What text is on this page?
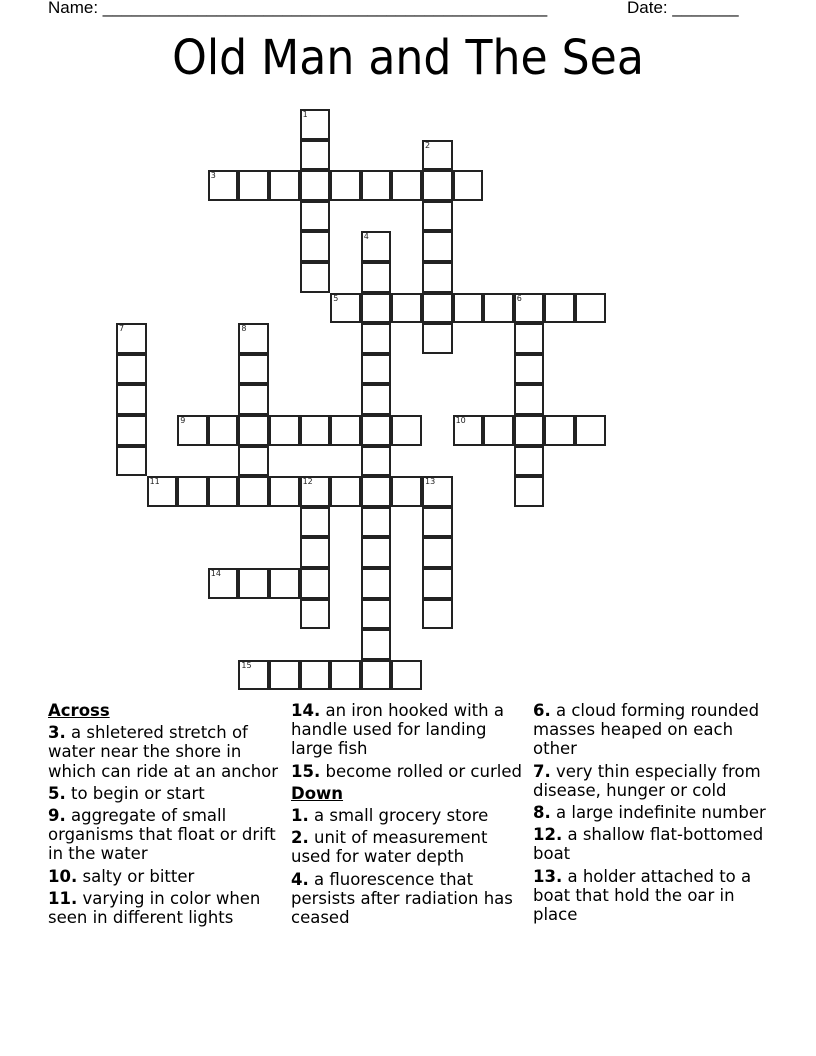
Name: _______________________________________________	Date: _______
Old Man and The Sea
1
2
3
4
5	6
7	8
9	10
11	12	13
14
15
Across
3. a shletered stretch of water near the shore in which can ride at an anchor
5. to begin or start
9. aggregate of small organisms that float or drift in the water
10. salty or bitter
11. varying in color when seen in different lights
14. an iron hooked with a handle used for landing large fish
15. become rolled or curled
Down
1. a small grocery store
2. unit of measurement used for water depth
4. a fluorescence that persists after radiation has ceased
6. a cloud forming rounded masses heaped on each other
7. very thin especially from disease, hunger or cold
8. a large indefinite number
12. a shallow flat-bottomed boat
13. a holder attached to a boat that hold the oar in place
